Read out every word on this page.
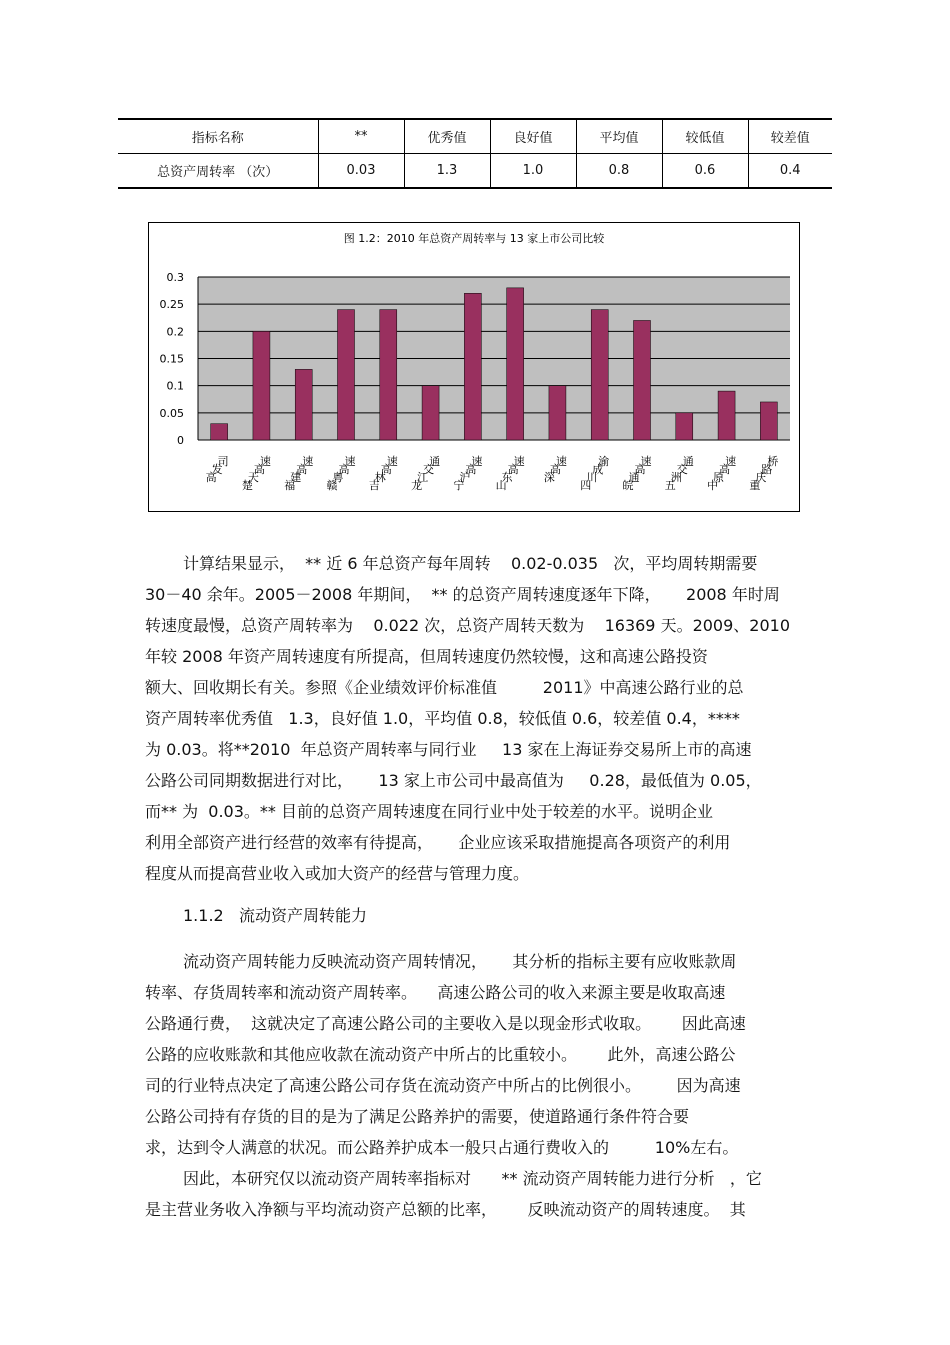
指标名称	**	优秀值	良好值	平均值	较低值	较差值
总资产周转率 （次）	0.03	1.3	1.0	0.8	0.6	0.4
图 1.2：2010 年总资产周转率与 13 家上市公司比较
0
0.05
0.1
0.15
0.2
0.25
0.3
司
发
高
速
高
天
楚
速
高
建
福
速
高
粤
赣
速
高
林
吉
通
交
江
龙
速
高
沪
宁
速
高
东
山
速
高
深
渝
成
川
四
速
高
通
皖
通
交
洲
五
速
高
原
中
桥
路
庆
重
计算结果显示，  ** 近 6 年总资产每年周转    0.02-0.035   次，平均周转期需要
30－40 余年。2005－2008 年期间，  ** 的总资产周转速度逐年下降，     2008 年时周
转速度最慢，总资产周转率为    0.022 次，总资产周转天数为    16369 天。2009、2010
年较 2008 年资产周转速度有所提高，但周转速度仍然较慢，这和高速公路投资
额大、回收期长有关。参照《企业绩效评价标准值         2011》中高速公路行业的总
资产周转率优秀值   1.3，良好值 1.0，平均值 0.8，较低值 0.6，较差值 0.4，****
为 0.03。将**2010  年总资产周转率与同行业     13 家在上海证券交易所上市的高速
公路公司同期数据进行对比，     13 家上市公司中最高值为     0.28，最低值为 0.05，
而** 为  0.03。** 目前的总资产周转速度在同行业中处于较差的水平。说明企业
利用全部资产进行经营的效率有待提高，     企业应该采取措施提高各项资产的利用
程度从而提高营业收入或加大资产的经营与管理力度。

1.1.2   流动资产周转能力

流动资产周转能力反映流动资产周转情况，     其分析的指标主要有应收账款周
转率、存货周转率和流动资产周转率。    高速公路公司的收入来源主要是收取高速
公路通行费，  这就决定了高速公路公司的主要收入是以现金形式收取。      因此高速
公路的应收账款和其他应收款在流动资产中所占的比重较小。      此外，高速公路公
司的行业特点决定了高速公路公司存货在流动资产中所占的比例很小。       因为高速
公路公司持有存货的目的是为了满足公路养护的需要，使道路通行条件符合要
求，达到令人满意的状况。而公路养护成本一般只占通行费收入的         10%左右。
因此，本研究仅以流动资产周转率指标对      ** 流动资产周转能力进行分析   ，它
是主营业务收入净额与平均流动资产总额的比率，      反映流动资产的周转速度。  其
